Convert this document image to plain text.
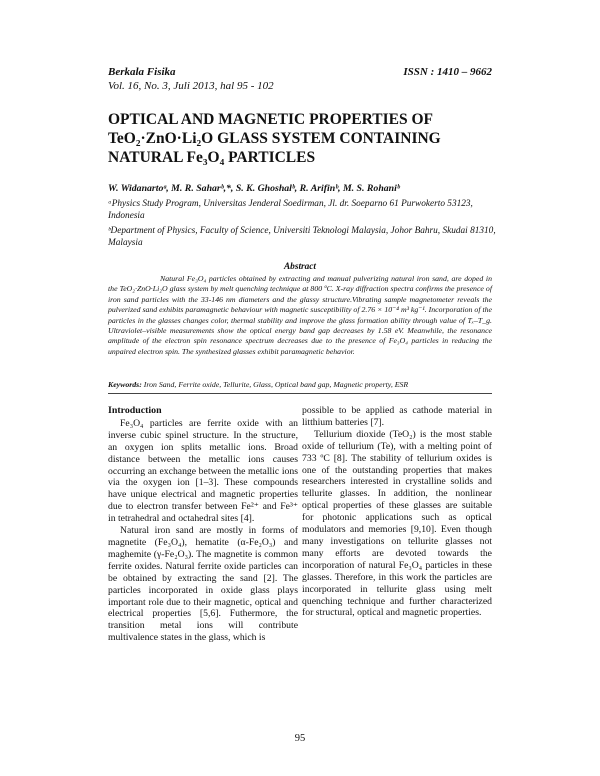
Berkala Fisika	ISSN : 1410 – 9662
Vol. 16, No. 3, Juli 2013, hal 95 - 102
OPTICAL AND MAGNETIC PROPERTIES OF
TeO₂·ZnO·Li₂O GLASS SYSTEM CONTAINING
NATURAL Fe₃O₄ PARTICLES
W. Widanartoᵃ, M. R. Saharᵇ,*, S. K. Ghoshalᵇ, R. Arifinᵇ, M. S. Rohaniᵇ
ᵃPhysics Study Program, Universitas Jenderal Soedirman, Jl. dr. Soeparno 61 Purwokerto 53123, Indonesia
ᵇDepartment of Physics, Faculty of Science, Universiti Teknologi Malaysia, Johor Bahru, Skudai 81310, Malaysia
Abstract

Natural Fe₃O₄ particles obtained by extracting and manual pulverizing natural iron sand, are doped in the TeO₂·ZnO·Li₂O glass system by melt quenching technique at 800 ºC. X-ray diffraction spectra confirms the presence of iron sand particles with the 33-146 nm diameters and the glassy structure.Vibrating sample magnetometer reveals the pulverized sand exhibits paramagnetic behaviour with magnetic susceptibility of 2.76 × 10⁻⁴ m³ kg⁻¹. Incorporation of the particles in the glasses changes color, thermal stability and improve the glass formation ability through value of Tₓ–T_g. Ultraviolet–visible measurements show the optical energy band gap decreases by 1.58 eV. Meanwhile, the resonance amplitude of the electron spin resonance spectrum decreases due to the presence of Fe₃O₄ particles in reducing the unpaired electron spin. The synthesized glasses exhibit paramagnetic behavior.

Keywords: Iron Sand, Ferrite oxide, Tellurite, Glass, Optical band gap, Magnetic property, ESR
Introduction

Fe₃O₄ particles are ferrite oxide with an inverse cubic spinel structure. In the structure, an oxygen ion splits metallic ions. Broad distance between the metallic ions causes occurring an exchange between the metallic ions via the oxygen ion [1–3]. These compounds have unique electrical and magnetic properties due to electron transfer between Fe²⁺ and Fe³⁺ in tetrahedral and octahedral sites [4].

Natural iron sand are mostly in forms of magnetite (Fe₃O₄), hematite (α-Fe₂O₃) and maghemite (γ-Fe₂O₃). The magnetite is common ferrite oxides. Natural ferrite oxide particles can be obtained by extracting the sand [2]. The particles incorporated in oxide glass plays important role due to their magnetic, optical and electrical properties [5,6]. Futhermore, the transition metal ions will contribute multivalence states in the glass, which is

possible to be applied as cathode material in litthium batteries [7].

Tellurium dioxide (TeO₂) is the most stable oxide of tellurium (Te), with a melting point of 733 ºC [8]. The stability of tellurium oxides is one of the outstanding properties that makes researchers interested in crystalline solids and tellurite glasses. In addition, the nonlinear optical properties of these glasses are suitable for photonic applications such as optical modulators and memories [9,10]. Even though many investigations on tellurite glasses not many efforts are devoted towards the incorporation of natural Fe₃O₄ particles in these glasses. Therefore, in this work the particles are incorporated in tellurite glass using melt quenching technique and further characterized for structural, optical and magnetic properties.

95
